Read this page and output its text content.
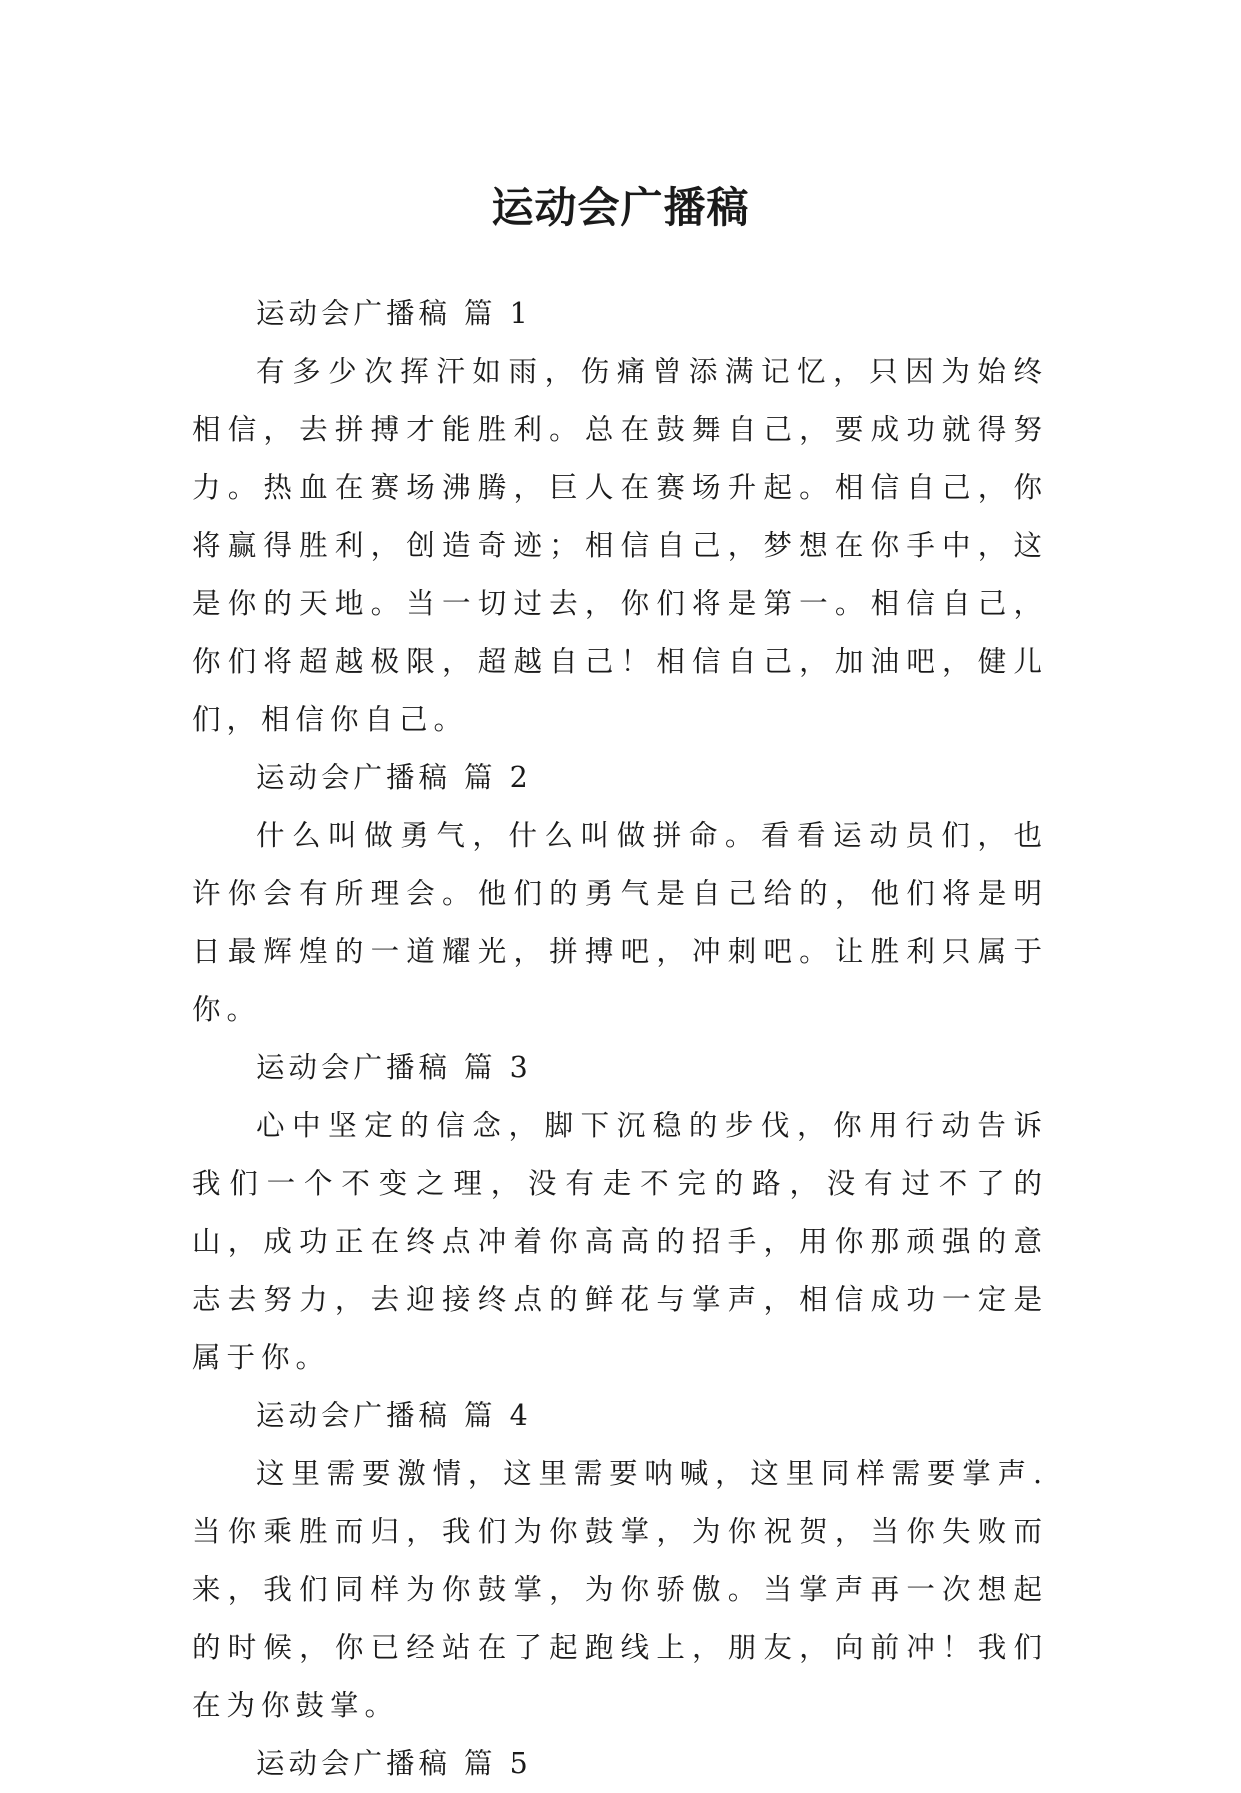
运动会广播稿
运动会广播稿 篇 1

有多少次挥汗如雨，伤痛曾添满记忆，只因为始终相信，去拼搏才能胜利。总在鼓舞自己，要成功就得努力。热血在赛场沸腾，巨人在赛场升起。相信自己，你将赢得胜利，创造奇迹；相信自己，梦想在你手中，这是你的天地。当一切过去，你们将是第一。相信自己，你们将超越极限，超越自己！相信自己，加油吧，健儿们，相信你自己。

运动会广播稿 篇 2

什么叫做勇气，什么叫做拼命。看看运动员们，也许你会有所理会。他们的勇气是自己给的，他们将是明日最辉煌的一道耀光，拼搏吧，冲刺吧。让胜利只属于你。

运动会广播稿 篇 3

心中坚定的信念，脚下沉稳的步伐，你用行动告诉我们一个不变之理，没有走不完的路，没有过不了的山，成功正在终点冲着你高高的招手，用你那顽强的意志去努力，去迎接终点的鲜花与掌声，相信成功一定是属于你。

运动会广播稿 篇 4

这里需要激情，这里需要呐喊，这里同样需要掌声.当你乘胜而归，我们为你鼓掌，为你祝贺，当你失败而来，我们同样为你鼓掌，为你骄傲。当掌声再一次想起的时候，你已经站在了起跑线上，朋友，向前冲！我们在为你鼓掌。

运动会广播稿 篇 5
